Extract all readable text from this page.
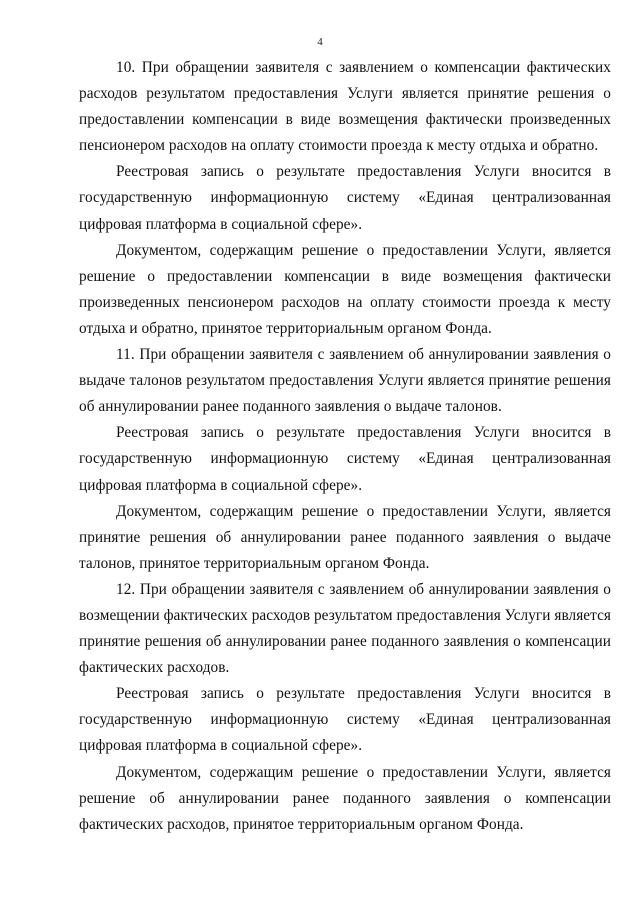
4

10. При обращении заявителя с заявлением о компенсации фактических расходов результатом предоставления Услуги является принятие решения о предоставлении компенсации в виде возмещения фактически произведенных пенсионером расходов на оплату стоимости проезда к месту отдыха и обратно.

Реестровая запись о результате предоставления Услуги вносится в государственную информационную систему «Единая централизованная цифровая платформа в социальной сфере».

Документом, содержащим решение о предоставлении Услуги, является решение о предоставлении компенсации в виде возмещения фактически произведенных пенсионером расходов на оплату стоимости проезда к месту отдыха и обратно, принятое территориальным органом Фонда.

11. При обращении заявителя с заявлением об аннулировании заявления о выдаче талонов результатом предоставления Услуги является принятие решения об аннулировании ранее поданного заявления о выдаче талонов.

Реестровая запись о результате предоставления Услуги вносится в государственную информационную систему «Единая централизованная цифровая платформа в социальной сфере».

Документом, содержащим решение о предоставлении Услуги, является принятие решения об аннулировании ранее поданного заявления о выдаче талонов, принятое территориальным органом Фонда.

12. При обращении заявителя с заявлением об аннулировании заявления о возмещении фактических расходов результатом предоставления Услуги является принятие решения об аннулировании ранее поданного заявления о компенсации фактических расходов.

Реестровая запись о результате предоставления Услуги вносится в государственную информационную систему «Единая централизованная цифровая платформа в социальной сфере».

Документом, содержащим решение о предоставлении Услуги, является решение об аннулировании ранее поданного заявления о компенсации фактических расходов, принятое территориальным органом Фонда.
